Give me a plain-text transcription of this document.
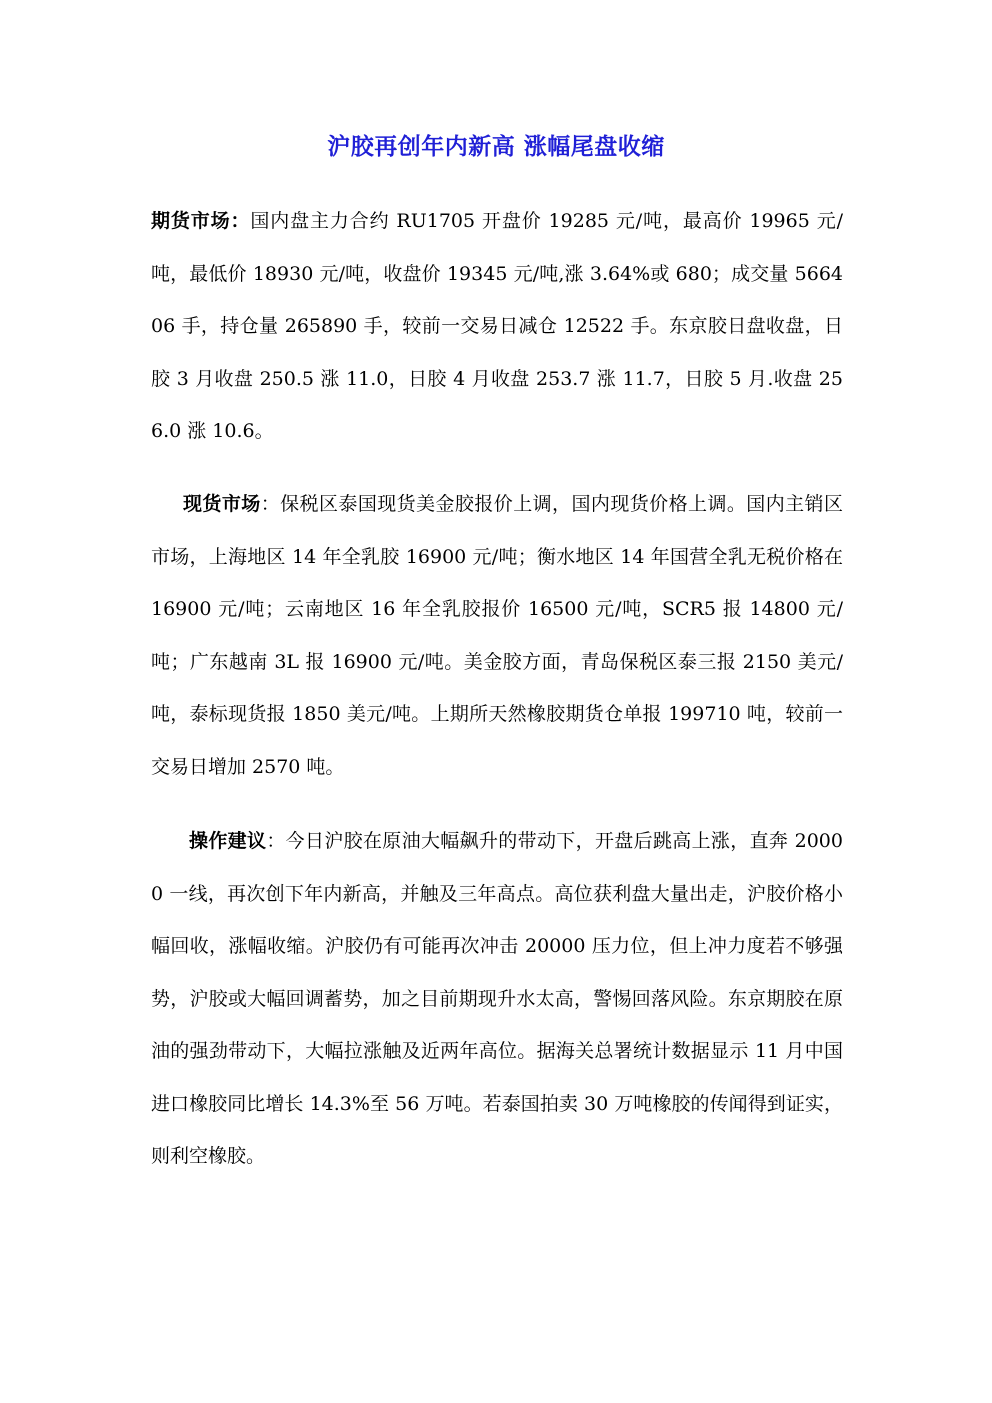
沪胶再创年内新高 涨幅尾盘收缩

期货市场：国内盘主力合约 RU1705 开盘价 19285 元/吨，最高价 19965 元/吨，最低价 18930 元/吨，收盘价 19345 元/吨,涨 3.64%或 680；成交量 566406 手，持仓量 265890 手，较前一交易日减仓 12522 手。东京胶日盘收盘，日胶 3 月收盘 250.5 涨 11.0，日胶 4 月收盘 253.7 涨 11.7，日胶 5 月.收盘 256.0 涨 10.6。

现货市场：保税区泰国现货美金胶报价上调，国内现货价格上调。国内主销区市场，上海地区 14 年全乳胶 16900 元/吨；衡水地区 14 年国营全乳无税价格在 16900 元/吨；云南地区 16 年全乳胶报价 16500 元/吨，SCR5 报 14800 元/吨；广东越南 3L 报 16900 元/吨。美金胶方面，青岛保税区泰三报 2150 美元/吨，泰标现货报 1850 美元/吨。上期所天然橡胶期货仓单报 199710 吨，较前一交易日增加 2570 吨。

操作建议：今日沪胶在原油大幅飙升的带动下，开盘后跳高上涨，直奔 20000 一线，再次创下年内新高，并触及三年高点。高位获利盘大量出走，沪胶价格小幅回收，涨幅收缩。沪胶仍有可能再次冲击 20000 压力位，但上冲力度若不够强势，沪胶或大幅回调蓄势，加之目前期现升水太高，警惕回落风险。东京期胶在原油的强劲带动下，大幅拉涨触及近两年高位。据海关总署统计数据显示 11 月中国进口橡胶同比增长 14.3%至 56 万吨。若泰国拍卖 30 万吨橡胶的传闻得到证实，则利空橡胶。
